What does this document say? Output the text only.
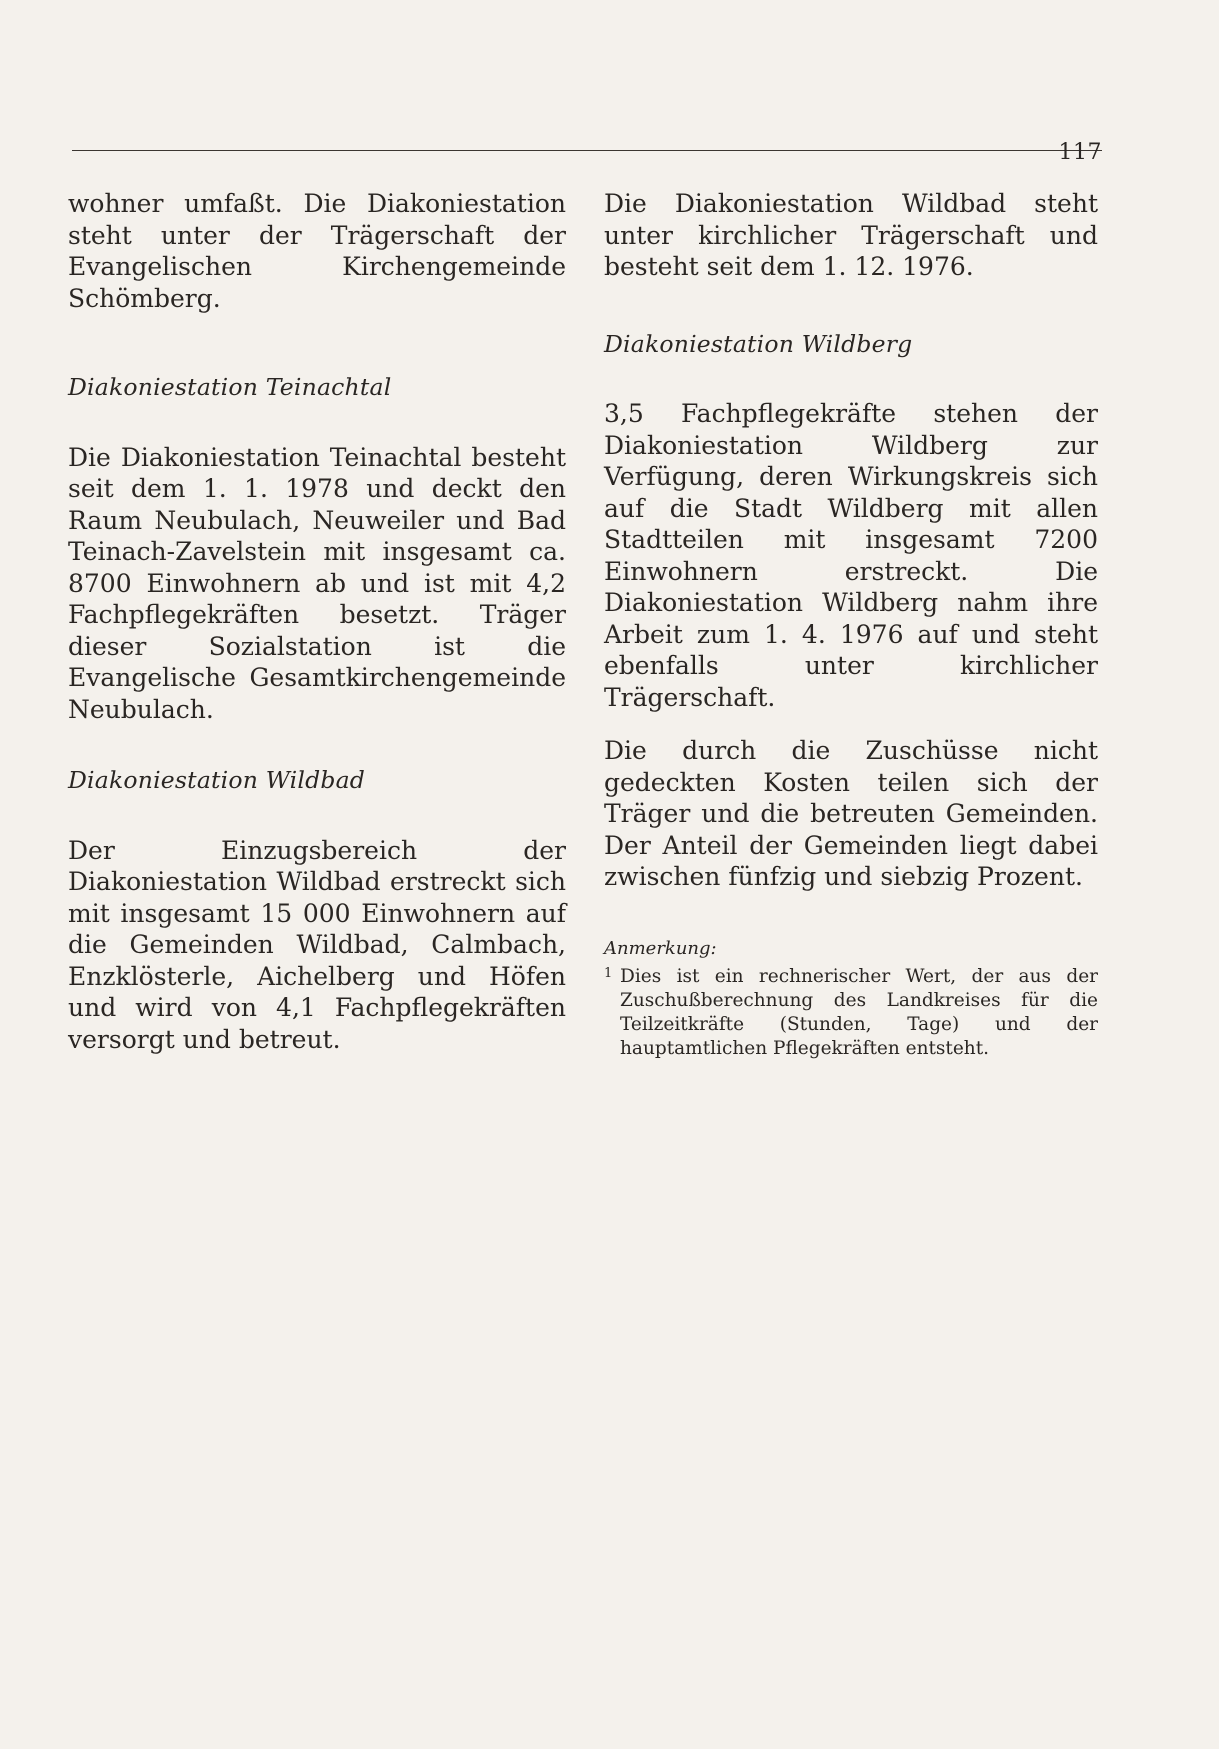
117

wohner umfaßt. Die Diakoniestation steht unter der Trägerschaft der Evangelischen Kirchengemeinde Schömberg.

Diakoniestation Teinachtal

Die Diakoniestation Teinachtal besteht seit dem 1. 1. 1978 und deckt den Raum Neubulach, Neuweiler und Bad Teinach-Zavelstein mit insgesamt ca. 8700 Einwohnern ab und ist mit 4,2 Fachpflegekräften besetzt. Träger dieser Sozialstation ist die Evangelische Gesamtkirchengemeinde Neubulach.

Diakoniestation Wildbad

Der Einzugsbereich der Diakoniestation Wildbad erstreckt sich mit insgesamt 15 000 Einwohnern auf die Gemeinden Wildbad, Calmbach, Enzklösterle, Aichelberg und Höfen und wird von 4,1 Fachpflegekräften versorgt und betreut.

Die Diakoniestation Wildbad steht unter kirchlicher Trägerschaft und besteht seit dem 1. 12. 1976.

Diakoniestation Wildberg

3,5 Fachpflegekräfte stehen der Diakoniestation Wildberg zur Verfügung, deren Wirkungskreis sich auf die Stadt Wildberg mit allen Stadtteilen mit insgesamt 7200 Einwohnern erstreckt. Die Diakoniestation Wildberg nahm ihre Arbeit zum 1. 4. 1976 auf und steht ebenfalls unter kirchlicher Trägerschaft.

Die durch die Zuschüsse nicht gedeckten Kosten teilen sich der Träger und die betreuten Gemeinden. Der Anteil der Gemeinden liegt dabei zwischen fünfzig und siebzig Prozent.

Anmerkung:
1 Dies ist ein rechnerischer Wert, der aus der Zuschußberechnung des Landkreises für die Teilzeitkräfte (Stunden, Tage) und der hauptamtlichen Pflegekräften entsteht.
